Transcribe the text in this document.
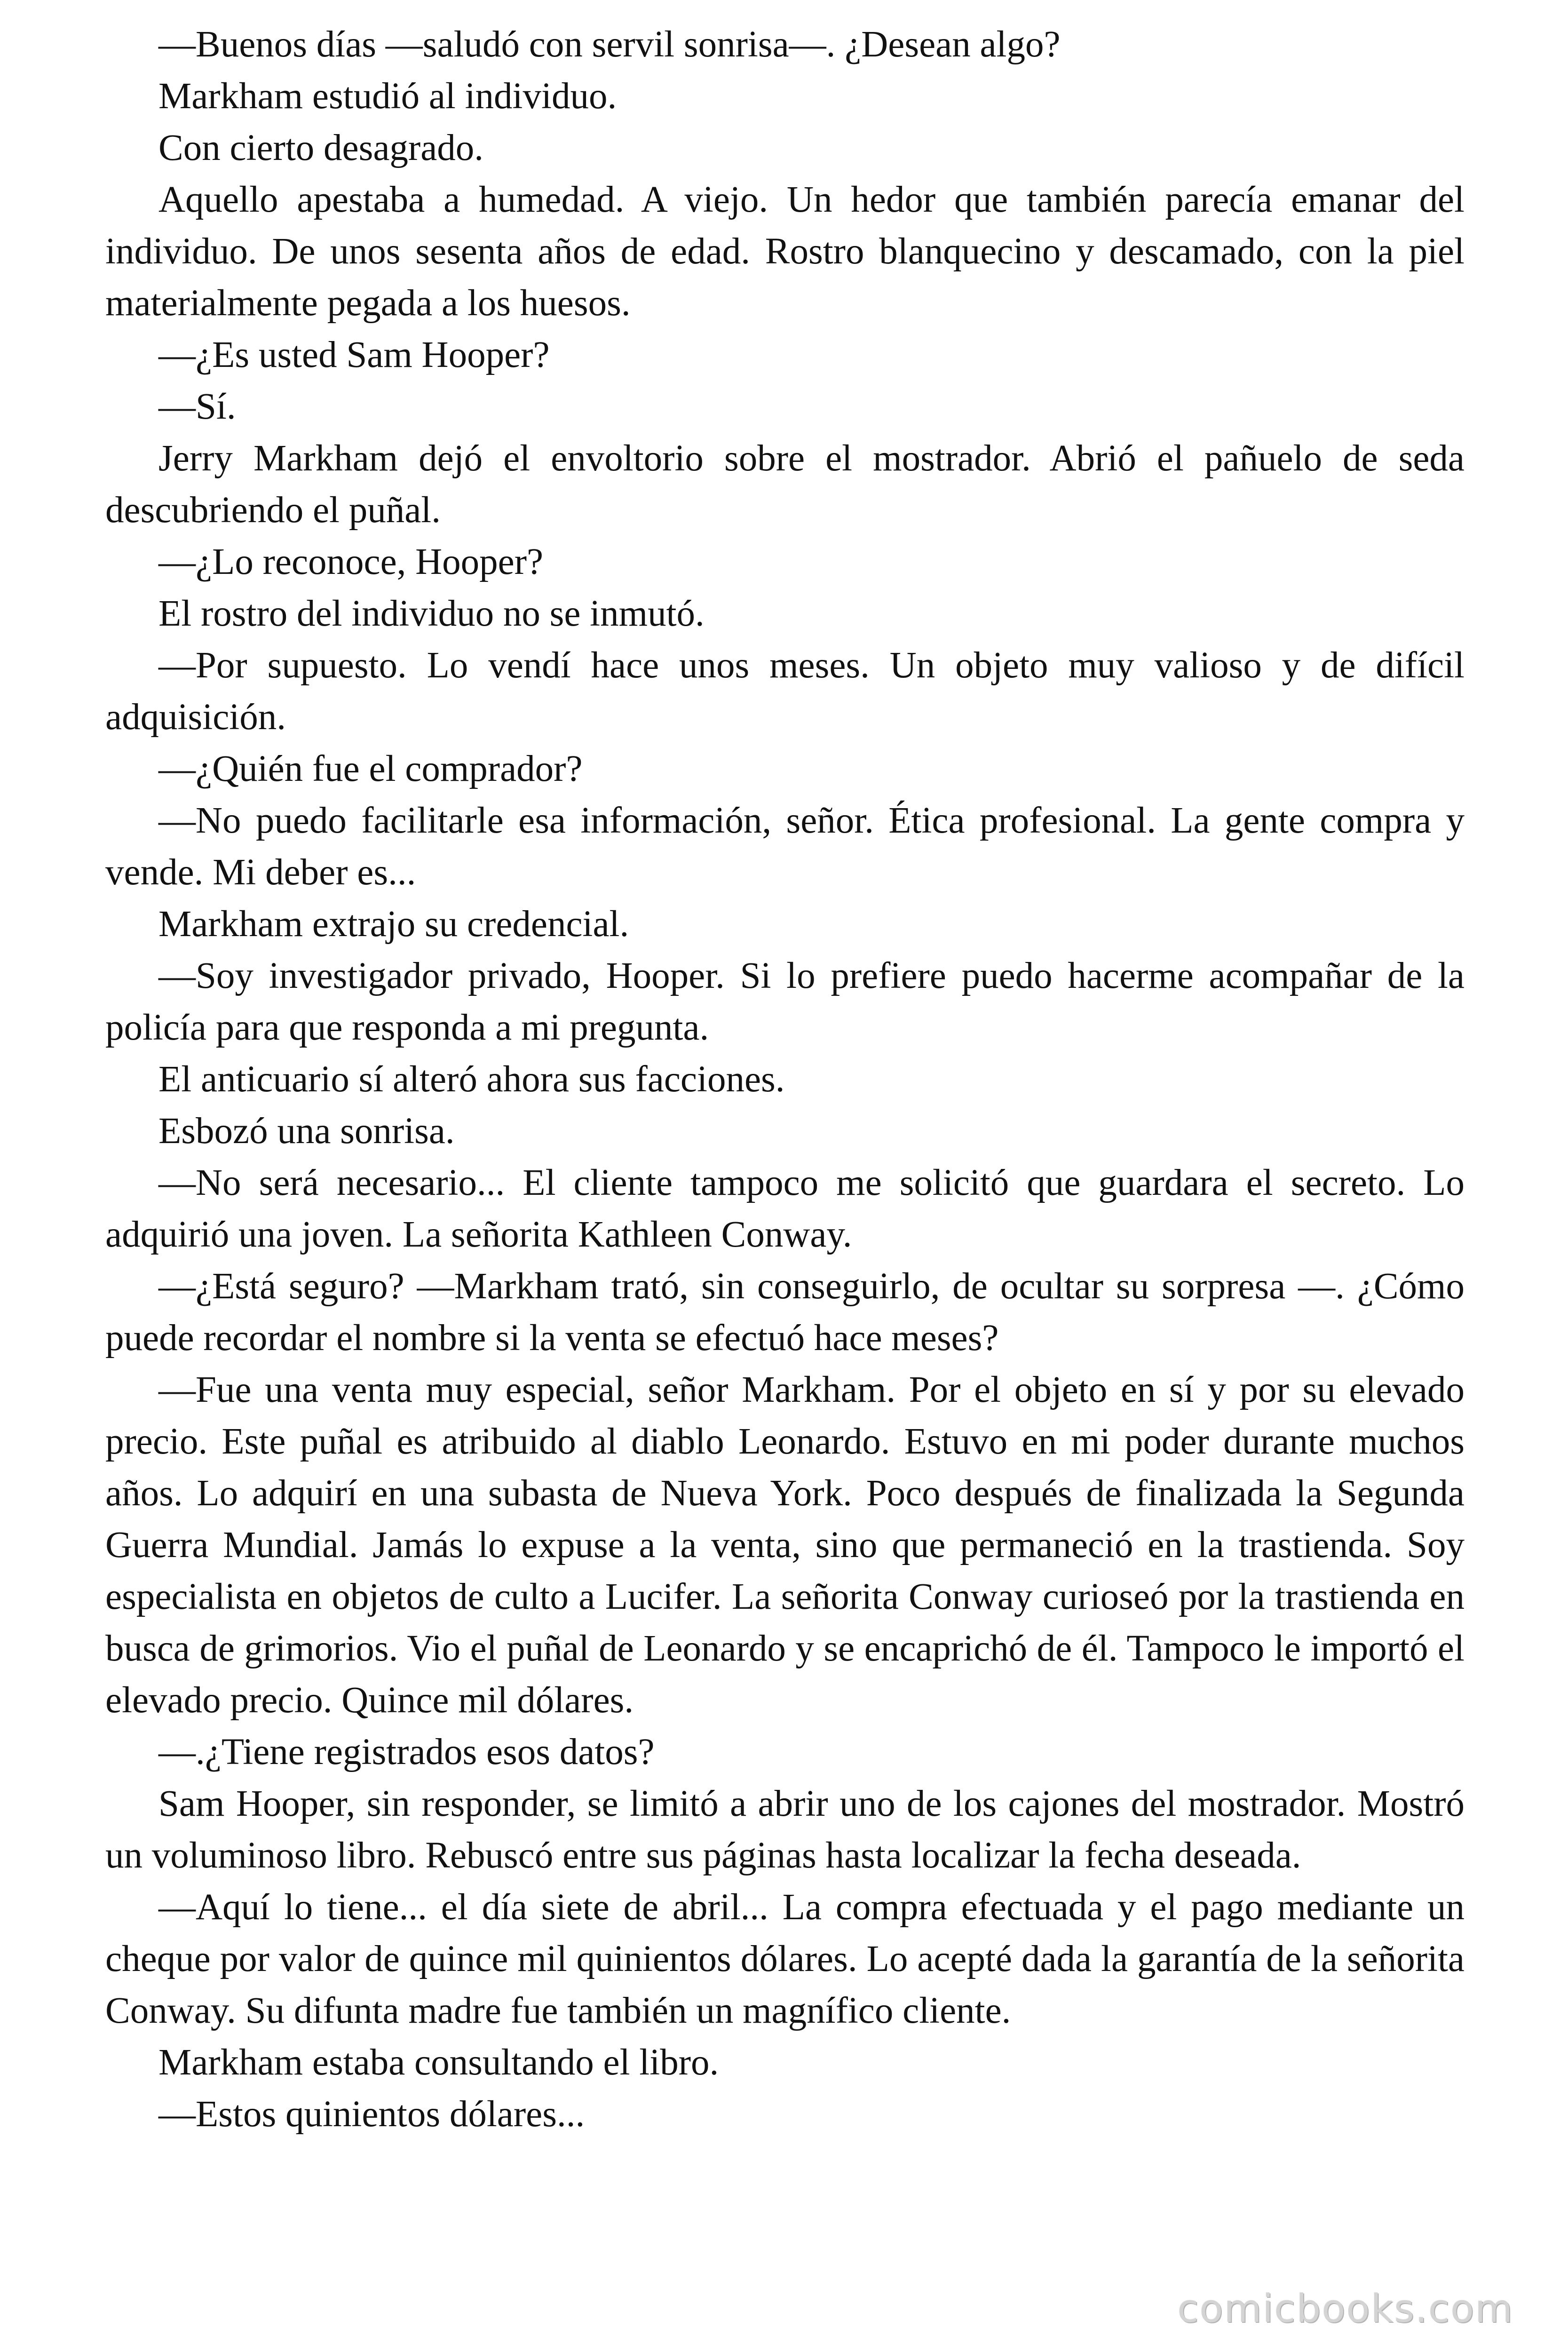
—Buenos días —saludó con servil sonrisa—. ¿Desean algo?

Markham estudió al individuo.

Con cierto desagrado.

Aquello apestaba a humedad. A viejo. Un hedor que también parecía emanar del individuo. De unos sesenta años de edad. Rostro blanquecino y descamado, con la piel materialmente pegada a los huesos.

—¿Es usted Sam Hooper?

—Sí.

Jerry Markham dejó el envoltorio sobre el mostrador. Abrió el pañuelo de seda descubriendo el puñal.

—¿Lo reconoce, Hooper?

El rostro del individuo no se inmutó.

—Por supuesto. Lo vendí hace unos meses. Un objeto muy valioso y de difícil adquisición.

—¿Quién fue el comprador?

—No puedo facilitarle esa información, señor. Ética profesional. La gente compra y vende. Mi deber es...

Markham extrajo su credencial.

—Soy investigador privado, Hooper. Si lo prefiere puedo hacerme acompañar de la policía para que responda a mi pregunta.

El anticuario sí alteró ahora sus facciones.

Esbozó una sonrisa.

—No será necesario... El cliente tampoco me solicitó que guardara el secreto. Lo adquirió una joven. La señorita Kathleen Conway.

—¿Está seguro? —Markham trató, sin conseguirlo, de ocultar su sorpresa —. ¿Cómo puede recordar el nombre si la venta se efectuó hace meses?

—Fue una venta muy especial, señor Markham. Por el objeto en sí y por su elevado precio. Este puñal es atribuido al diablo Leonardo. Estuvo en mi poder durante muchos años. Lo adquirí en una subasta de Nueva York. Poco después de finalizada la Segunda Guerra Mundial. Jamás lo expuse a la venta, sino que permaneció en la trastienda. Soy especialista en objetos de culto a Lucifer. La señorita Conway curioseó por la trastienda en busca de grimorios. Vio el puñal de Leonardo y se encaprichó de él. Tampoco le importó el elevado precio. Quince mil dólares.

—.¿Tiene registrados esos datos?

Sam Hooper, sin responder, se limitó a abrir uno de los cajones del mostrador. Mostró un voluminoso libro. Rebuscó entre sus páginas hasta localizar la fecha deseada.

—Aquí lo tiene... el día siete de abril... La compra efectuada y el pago mediante un cheque por valor de quince mil quinientos dólares. Lo acepté dada la garantía de la señorita Conway. Su difunta madre fue también un magnífico cliente.

Markham estaba consultando el libro.

—Estos quinientos dólares...

comicbooks.com
